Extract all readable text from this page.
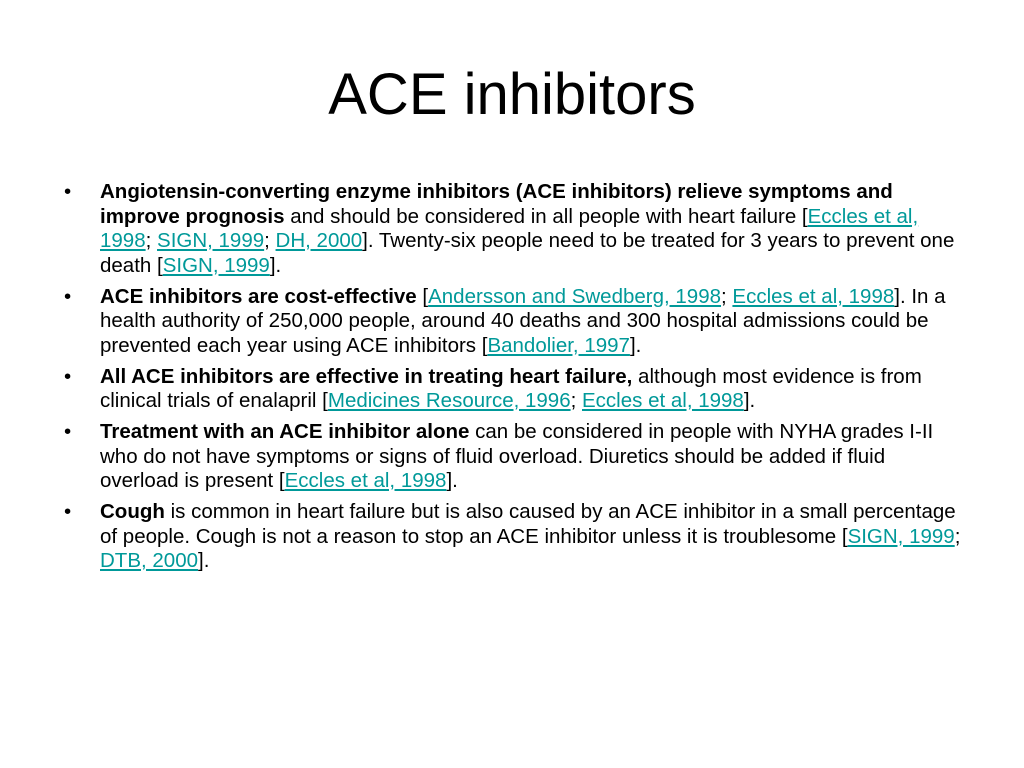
ACE inhibitors
• Angiotensin-converting enzyme inhibitors (ACE inhibitors) relieve symptoms and improve prognosis and should be considered in all people with heart failure [Eccles et al, 1998; SIGN, 1999; DH, 2000]. Twenty-six people need to be treated for 3 years to prevent one death [SIGN, 1999].
• ACE inhibitors are cost-effective [Andersson and Swedberg, 1998; Eccles et al, 1998]. In a health authority of 250,000 people, around 40 deaths and 300 hospital admissions could be prevented each year using ACE inhibitors [Bandolier, 1997].
• All ACE inhibitors are effective in treating heart failure, although most evidence is from clinical trials of enalapril [Medicines Resource, 1996; Eccles et al, 1998].
• Treatment with an ACE inhibitor alone can be considered in people with NYHA grades I-II who do not have symptoms or signs of fluid overload. Diuretics should be added if fluid overload is present [Eccles et al, 1998].
• Cough is common in heart failure but is also caused by an ACE inhibitor in a small percentage of people. Cough is not a reason to stop an ACE inhibitor unless it is troublesome [SIGN, 1999; DTB, 2000].
